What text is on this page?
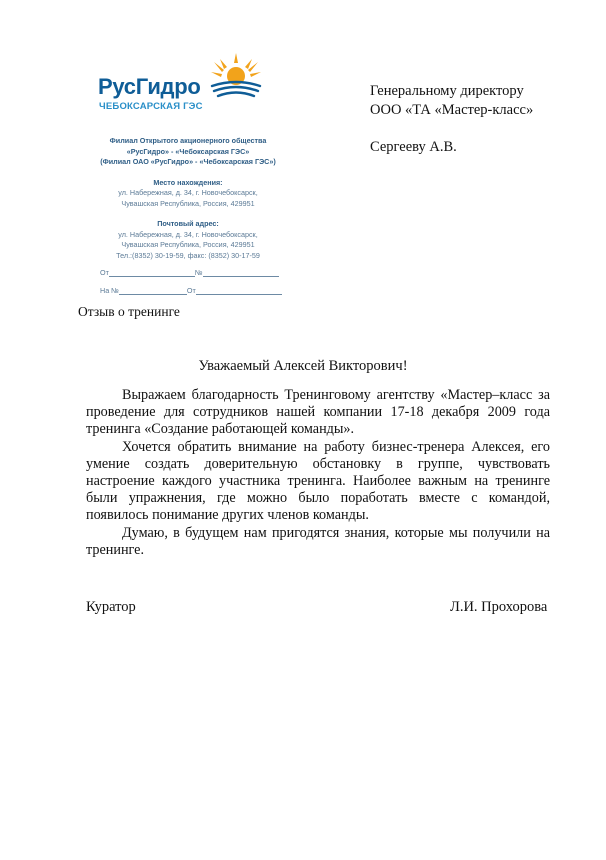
РусГидро
ЧЕБОКСАРСКАЯ ГЭС
Филиал Открытого акционерного общества
«РусГидро» - «Чебоксарская ГЭС»
(Филиал ОАО «РусГидро» - «Чебоксарская ГЭС»)
Место нахождения:
ул. Набережная, д. 34, г. Новочебоксарск,
Чувашская Республика, Россия, 429951
Почтовый адрес:
ул. Набережная, д. 34, г. Новочебоксарск,
Чувашская Республика, Россия, 429951
Тел.:(8352) 30-19-59, факс: (8352) 30-17-59
От	№
На №	От
Генеральному директору
ООО «ТА «Мастер-класс»
Сергееву А.В.
Отзыв о тренинге
Уважаемый Алексей Викторович!

Выражаем благодарность Тренинговому агентству «Мастер–класс за проведение для сотрудников нашей компании 17-18 декабря 2009 года тренинга «Создание работающей команды».

Хочется обратить внимание на работу бизнес-тренера Алексея, его умение создать доверительную обстановку в группе, чувствовать настроение каждого участника тренинга. Наиболее важным на тренинге были упражнения, где можно было поработать вместе с командой, появилось понимание других членов команды.

Думаю, в будущем нам пригодятся знания, которые мы получили на тренинге.

Куратор	Л.И. Прохорова
